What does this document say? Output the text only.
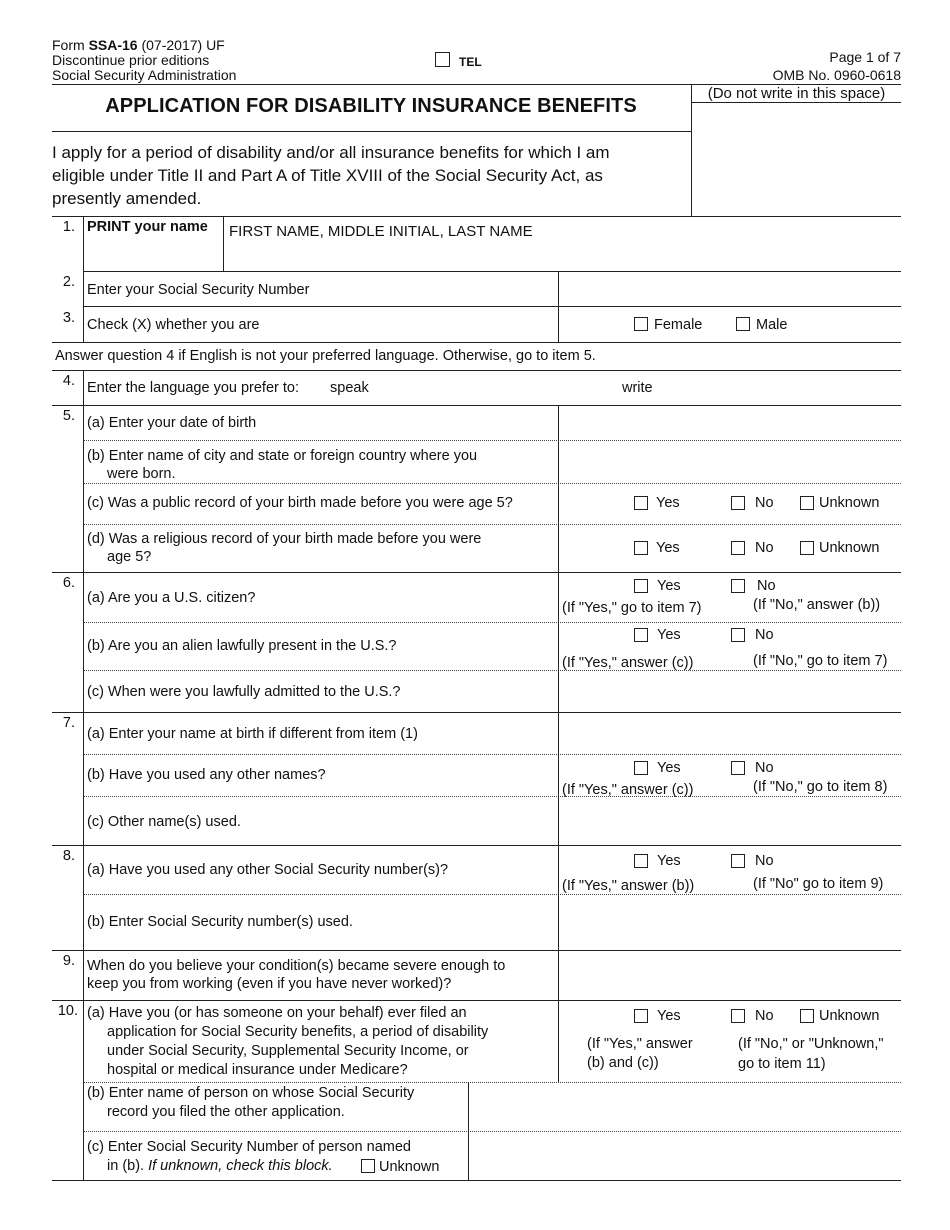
Form SSA-16 (07-2017) UF
Discontinue prior editions
Social Security Administration
TEL	Page 1 of 7
OMB No. 0960-0618
(Do not write in this space)
APPLICATION FOR DISABILITY INSURANCE BENEFITS
I apply for a period of disability and/or all insurance benefits for which I am
eligible under Title II and Part A of Title XVIII of the Social Security Act, as
presently amended.
1. PRINT your name FIRST NAME, MIDDLE INITIAL, LAST NAME
2. Enter your Social Security Number
3. Check (X) whether you are	Female	Male
Answer question 4 if English is not your preferred language. Otherwise, go to item 5.
4. Enter the language you prefer to: speak	write
5. (a) Enter your date of birth
(b) Enter name of city and state or foreign country where you
were born.
(c) Was a public record of your birth made before you were age 5?	Yes	No	Unknown
(d) Was a religious record of your birth made before you were
age 5?
Yes	No	Unknown
6.
(a) Are you a U.S. citizen?
Yes	No
(If "Yes," go to item 7)	(If "No," answer (b))
(b) Are you an alien lawfully present in the U.S.?
Yes	No
(If "Yes," answer (c))	(If "No," go to item 7)
(c) When were you lawfully admitted to the U.S.?
7.
(a) Enter your name at birth if different from item (1)
(b) Have you used any other names?	Yes	No
(If "Yes," answer (c))	(If "No," go to item 8)
(c) Other name(s) used.
8.
(a) Have you used any other Social Security number(s)?
Yes	No
(If "Yes," answer (b))	(If "No" go to item 9)
(b) Enter Social Security number(s) used.
9. When do you believe your condition(s) became severe enough to
keep you from working (even if you have never worked)?
10. (a) Have you (or has someone on your behalf) ever filed an
application for Social Security benefits, a period of disability
under Social Security, Supplemental Security Income, or
hospital or medical insurance under Medicare?
Yes	No	Unknown
(If "Yes," answer
(b) and (c))
(If "No," or "Unknown,"
go to item 11)
(b) Enter name of person on whose Social Security
record you filed the other application.
(c) Enter Social Security Number of person named
in (b). If unknown, check this block.	Unknown
